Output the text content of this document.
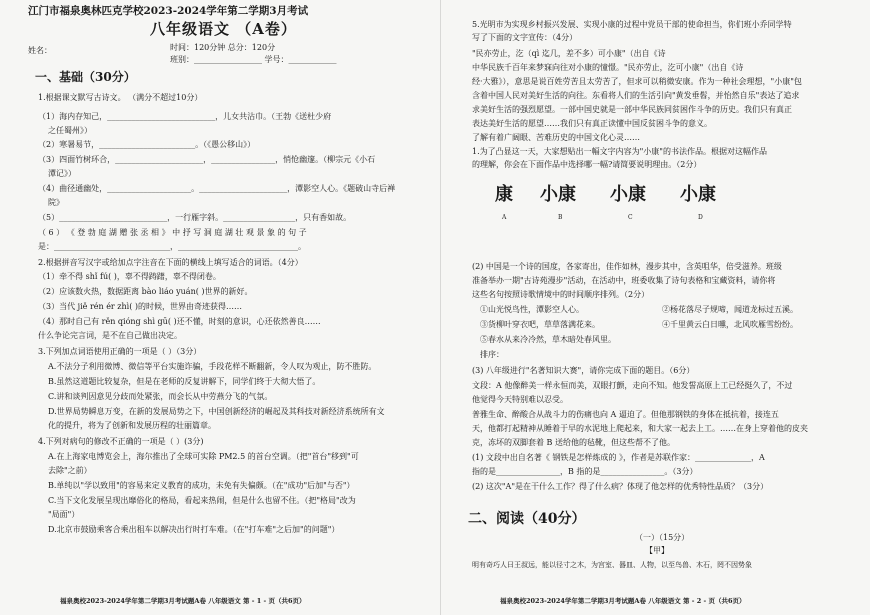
江门市福泉奥林匹克学校2023-2024学年第二学期3月考试
八年级语文 （A卷）
姓名：	时间：120分钟 总分：120分
班别：_________________ 学号：____________
一、基础（30分）
1.根据课文默写古诗文。 （满分不超过10分）
（1）海内存知己，___________________________，儿女共沾巾。（王勃《送杜少府
之任蜀州》）
（2）寒暑易节，________________________。（《愚公移山》）
（3）四面竹树环合，______________________，________________，悄怆幽邃。（柳宗元《小石
潭记》）
（4）曲径通幽处，_____________________。______________________，潭影空人心。《题破山寺后禅
院》
（5）___________________________，一行雁字斜。__________________，只有香如故。
（ 6 ） 《 登 勃 庭 湖 赠 张 丞 相 》 中 抒 写 洞 庭 湖 壮 观 景 象 的 句 子
是：_____________________________，______________________________。
2.根据拼音写汉字或给加点字注音在下面的横线上填写适合的词语。（4分）
（1）牵不得 shǐ fú( )，辜不得踌躇，辜不得闭卷。
（2）应该数火热，数据距离 bào liáo yuán( )世界的新好。
（3）当代 jiě rén ér zhì( )的时候，世界由奇迹获得……
（4）那时自己有 rěn qióng shì gū( )还不懂，时刻的意识，心还依然善良……
什么争论完言词，是不在自己做出决定。
3.下列加点词语使用正确的一项是（ ）（3分）
A.不法分子利用微博、微信等平台实施诈骗，手段花样不断翻新，令人叹为观止，防不胜防。
B.虽然这道题比较复杂，但是在老师的反复讲解下，同学们终于大彻大悟了。
C.讲和谈判因意见分歧而处紧张，而会长从中劳燕分飞的气氛。
D.世界局势瞬息万变，在新的发展局势之下，中国创新经济的崛起及其科技对新经济系统所有文
化的提升，将为了创新和发展历程的壮丽篇章。
4.下列对病句的修改不正确的一项是（ ）(3分)
A.在上海家电博览会上，海尔推出了全球可实除 PM2.5 的首台空调。（把"首台"移到"可
去除"之前）
B.单纯以"学以致用"的容易来定义教育的成功，未免有失偏颇。（在"成功"后加"与否"）
C.当下文化发展呈现出靡俗化的格局，看起来热闹，但是什么也留不住。（把"格局"改为
"局面"）
D.北京市鼓励乘客合乘出租车以解决出行时打车难。（在"打车难"之后加"的问题"）
福泉奥校2023-2024学年第二学期3月考试题A卷 八年级语文 第 - 1 - 页（共6页）
5.光明市为实现乡村振兴发展、实现小康的过程中党员干部的使命担当，你们班小乔同学特
写了下面的文字宣传：（4分）
"民亦劳止，汔（qì 迄几，差不多）可小康"（出自《诗
中华民族千百年来梦寐向往对小康的憧憬。"民亦劳止，汔可小康"（出自《诗
经·大雅》），意思是说百姓劳苦且太劳苦了，但求可以稍微安康。作为一种社会理想，"小康"包
含着中国人民对美好生活的向往。东看将人们的生活引向"黄发垂髫，并怡然自乐"表达了追求
求美好生活的强烈愿望。一部中国史就是一部中华民族同贫困作斗争的历史。我们只有真正
表达美好生活的愿望……我们只有真正读懂中国反贫困斗争的意义。
了解有着广阔眼、苦难历史的中国文化心灵……
1.为了凸显这一天，大家想贴出一幅文字内容为"小康"的书法作品。根据对这幅作品
的理解，你会在下面作品中选择哪一幅?请简要说明理由。（2分）
康 小康 小康 小康
A	B	C	D
(2) 中国是一个诗的国度，各家寄出，佳作如林，漫步其中，含英咀华，倍受滋养。班级
准备举办一期"古诗苑漫步"活动，在活动中，班委收集了诗句表格和宝藏资料，请你将
这些名句按照诗歌情境中的时间顺序排列。（2分）
①山光悦鸟性，潭影空人心。	②杨花落尽子规啼，闻道龙标过五溪。
③货柳叶穿衣吧，草草落满花来。	④千里黄云白日曛，北风吹雁雪纷纷。
⑤春水从来冷冷然，草木暗处春风里。
排序：
(3) 八年级进行"名著知识大赛"，请你完成下面的题目。（6分）
文段：A 他像醉美一样永恒而美，双眼打颤，走向不知。他发誓高原上工已经挺久了，不过
他觉得今天特别难以忍受。
普雅生命、醉酸合从战斗力的伤痛也向 A 逼迫了。但他那钢铁的身体在抵抗着，接连五
天，他都打起精神从睡着于早的水泥地上爬起来，和大家一起去上工。……在身上穿着他的皮夹
克，冻坏的双脚套着 B 送给他的毡靴，但这些帮不了他。
(1) 文段中出自名著《 钢铁是怎样炼成的 》，作者是苏联作家：______________，A
指的是________________，B 指的是________________。（3分）
(2) 这次"A"是在干什么工作？得了什么病？体现了他怎样的优秀特性品质？（3分）
二、阅读（40分）
（一）（15分）
【甲】
明有奇巧人曰王叔远，能以径寸之木，为宫室、器皿、人物，以至鸟兽、木石，罔不因势象
福泉奥校2023-2024学年第二学期3月考试题A卷 八年级语文 第 - 2 - 页（共6页）
